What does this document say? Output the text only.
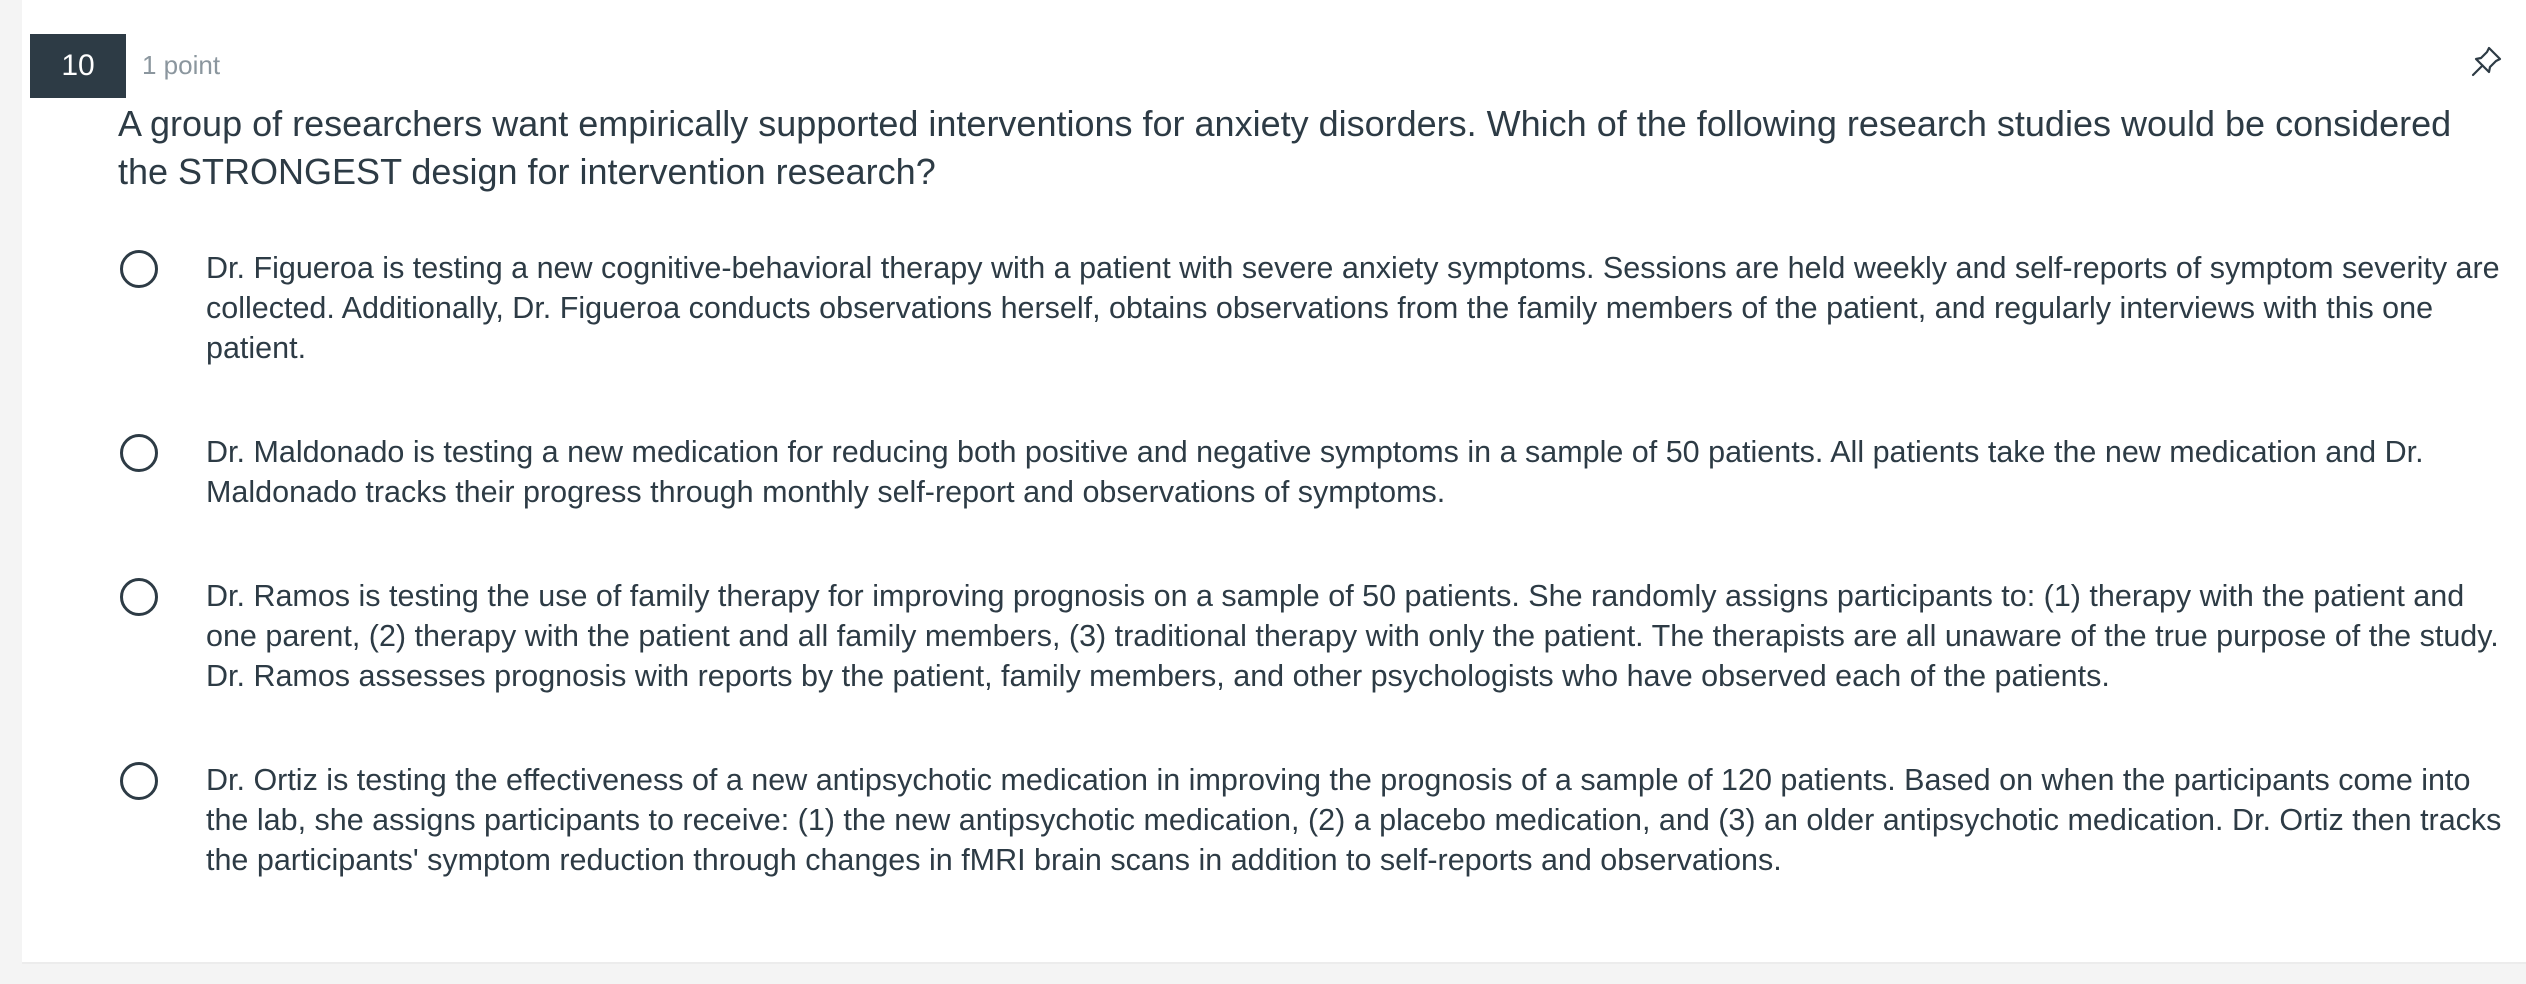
10	1 point
A group of researchers want empirically supported interventions for anxiety disorders. Which of the following research studies would be considered the STRONGEST design for intervention research?
Dr. Figueroa is testing a new cognitive-behavioral therapy with a patient with severe anxiety symptoms. Sessions are held weekly and self-reports of symptom severity are collected. Additionally, Dr. Figueroa conducts observations herself, obtains observations from the family members of the patient, and regularly interviews with this one patient.
Dr. Maldonado is testing a new medication for reducing both positive and negative symptoms in a sample of 50 patients. All patients take the new medication and Dr. Maldonado tracks their progress through monthly self-report and observations of symptoms.
Dr. Ramos is testing the use of family therapy for improving prognosis on a sample of 50 patients. She randomly assigns participants to: (1) therapy with the patient and one parent, (2) therapy with the patient and all family members, (3) traditional therapy with only the patient. The therapists are all unaware of the true purpose of the study. Dr. Ramos assesses prognosis with reports by the patient, family members, and other psychologists who have observed each of the patients.
Dr. Ortiz is testing the effectiveness of a new antipsychotic medication in improving the prognosis of a sample of 120 patients. Based on when the participants come into the lab, she assigns participants to receive: (1) the new antipsychotic medication, (2) a placebo medication, and (3) an older antipsychotic medication. Dr. Ortiz then tracks the participants' symptom reduction through changes in fMRI brain scans in addition to self-reports and observations.
